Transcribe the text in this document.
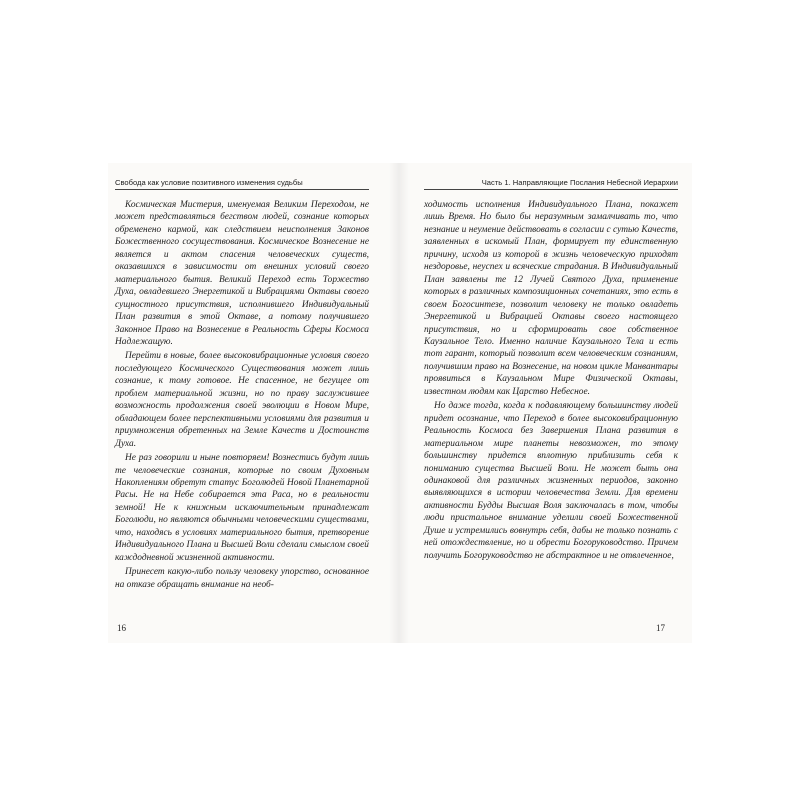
Свобода как условие позитивного изменения судьбы

Космическая Мистерия, именуемая Великим Переходом, не может представляться бегством людей, сознание которых обременено кармой, как следствием неисполнения Законов Божественного сосуществования. Космическое Вознесение не является и актом спасения человеческих существ, оказавшихся в зависимости от внешних условий своего материального бытия. Великий Переход есть Торжество Духа, овладевшего Энергетикой и Вибрациями Октавы своего сущностного присутствия, исполнившего Индивидуальный План развития в этой Октаве, а потому получившего Законное Право на Вознесение в Реальность Сферы Космоса Надлежащую.

Перейти в новые, более высоковибрационные условия своего последующего Космического Существования может лишь сознание, к тому готовое. Не спасенное, не бегущее от проблем материальной жизни, но по праву заслужившее возможность продолжения своей эволюции в Новом Мире, обладающем более перспективными условиями для развития и приумножения обретенных на Земле Качеств и Достоинств Духа.

Не раз говорили и ныне повторяем! Вознестись будут лишь те человеческие сознания, которые по своим Духовным Накоплениям обретут статус Боголюдей Новой Планетарной Расы. Не на Небе собирается эта Раса, но в реальности земной! Не к книжным исключительным принадлежат Боголюди, но являются обычными человеческими существами, что, находясь в условиях материального бытия, претворение Индивидуального Плана и Высшей Воли сделали смыслом своей каждодневной жизненной активности.

Принесет какую-либо пользу человеку упорство, основанное на отказе обращать внимание на необ-

Часть 1. Направляющие Послания Небесной Иерархии

ходимость исполнения Индивидуального Плана, покажет лишь Время. Но было бы неразумным замалчивать то, что незнание и неумение действовать в согласии с сутью Качеств, заявленных в искомый План, формирует ту единственную причину, исходя из которой в жизнь человеческую приходят нездоровье, неуспех и всяческие страдания. В Индивидуальный План заявлены те 12 Лучей Святого Духа, применение которых в различных композиционных сочетаниях, это есть в своем Богосинтезе, позволит человеку не только овладеть Энергетикой и Вибрацией Октавы своего настоящего присутствия, но и сформировать свое собственное Каузальное Тело. Именно наличие Каузального Тела и есть тот гарант, который позволит всем человеческим сознаниям, получившим право на Вознесение, на новом цикле Манвантары проявиться в Каузальном Мире Физической Октавы, известном людям как Царство Небесное.

Но даже тогда, когда к подавляющему большинству людей придет осознание, что Переход в более высоковибрационную Реальность Космоса без Завершения Плана развития в материальном мире планеты невозможен, то этому большинству придется вплотную приблизить себя к пониманию существа Высшей Воли. Не может быть она одинаковой для различных жизненных периодов, законно выявляющихся в истории человечества Земли. Для времени активности Будды Высшая Воля заключалась в том, чтобы люди пристальное внимание уделили своей Божественной Душе и устремились вовнутрь себя, дабы не только познать с ней отождествление, но и обрести Богоруководство. Причем получить Богоруководство не абстрактное и не отвлеченное,

16	17
